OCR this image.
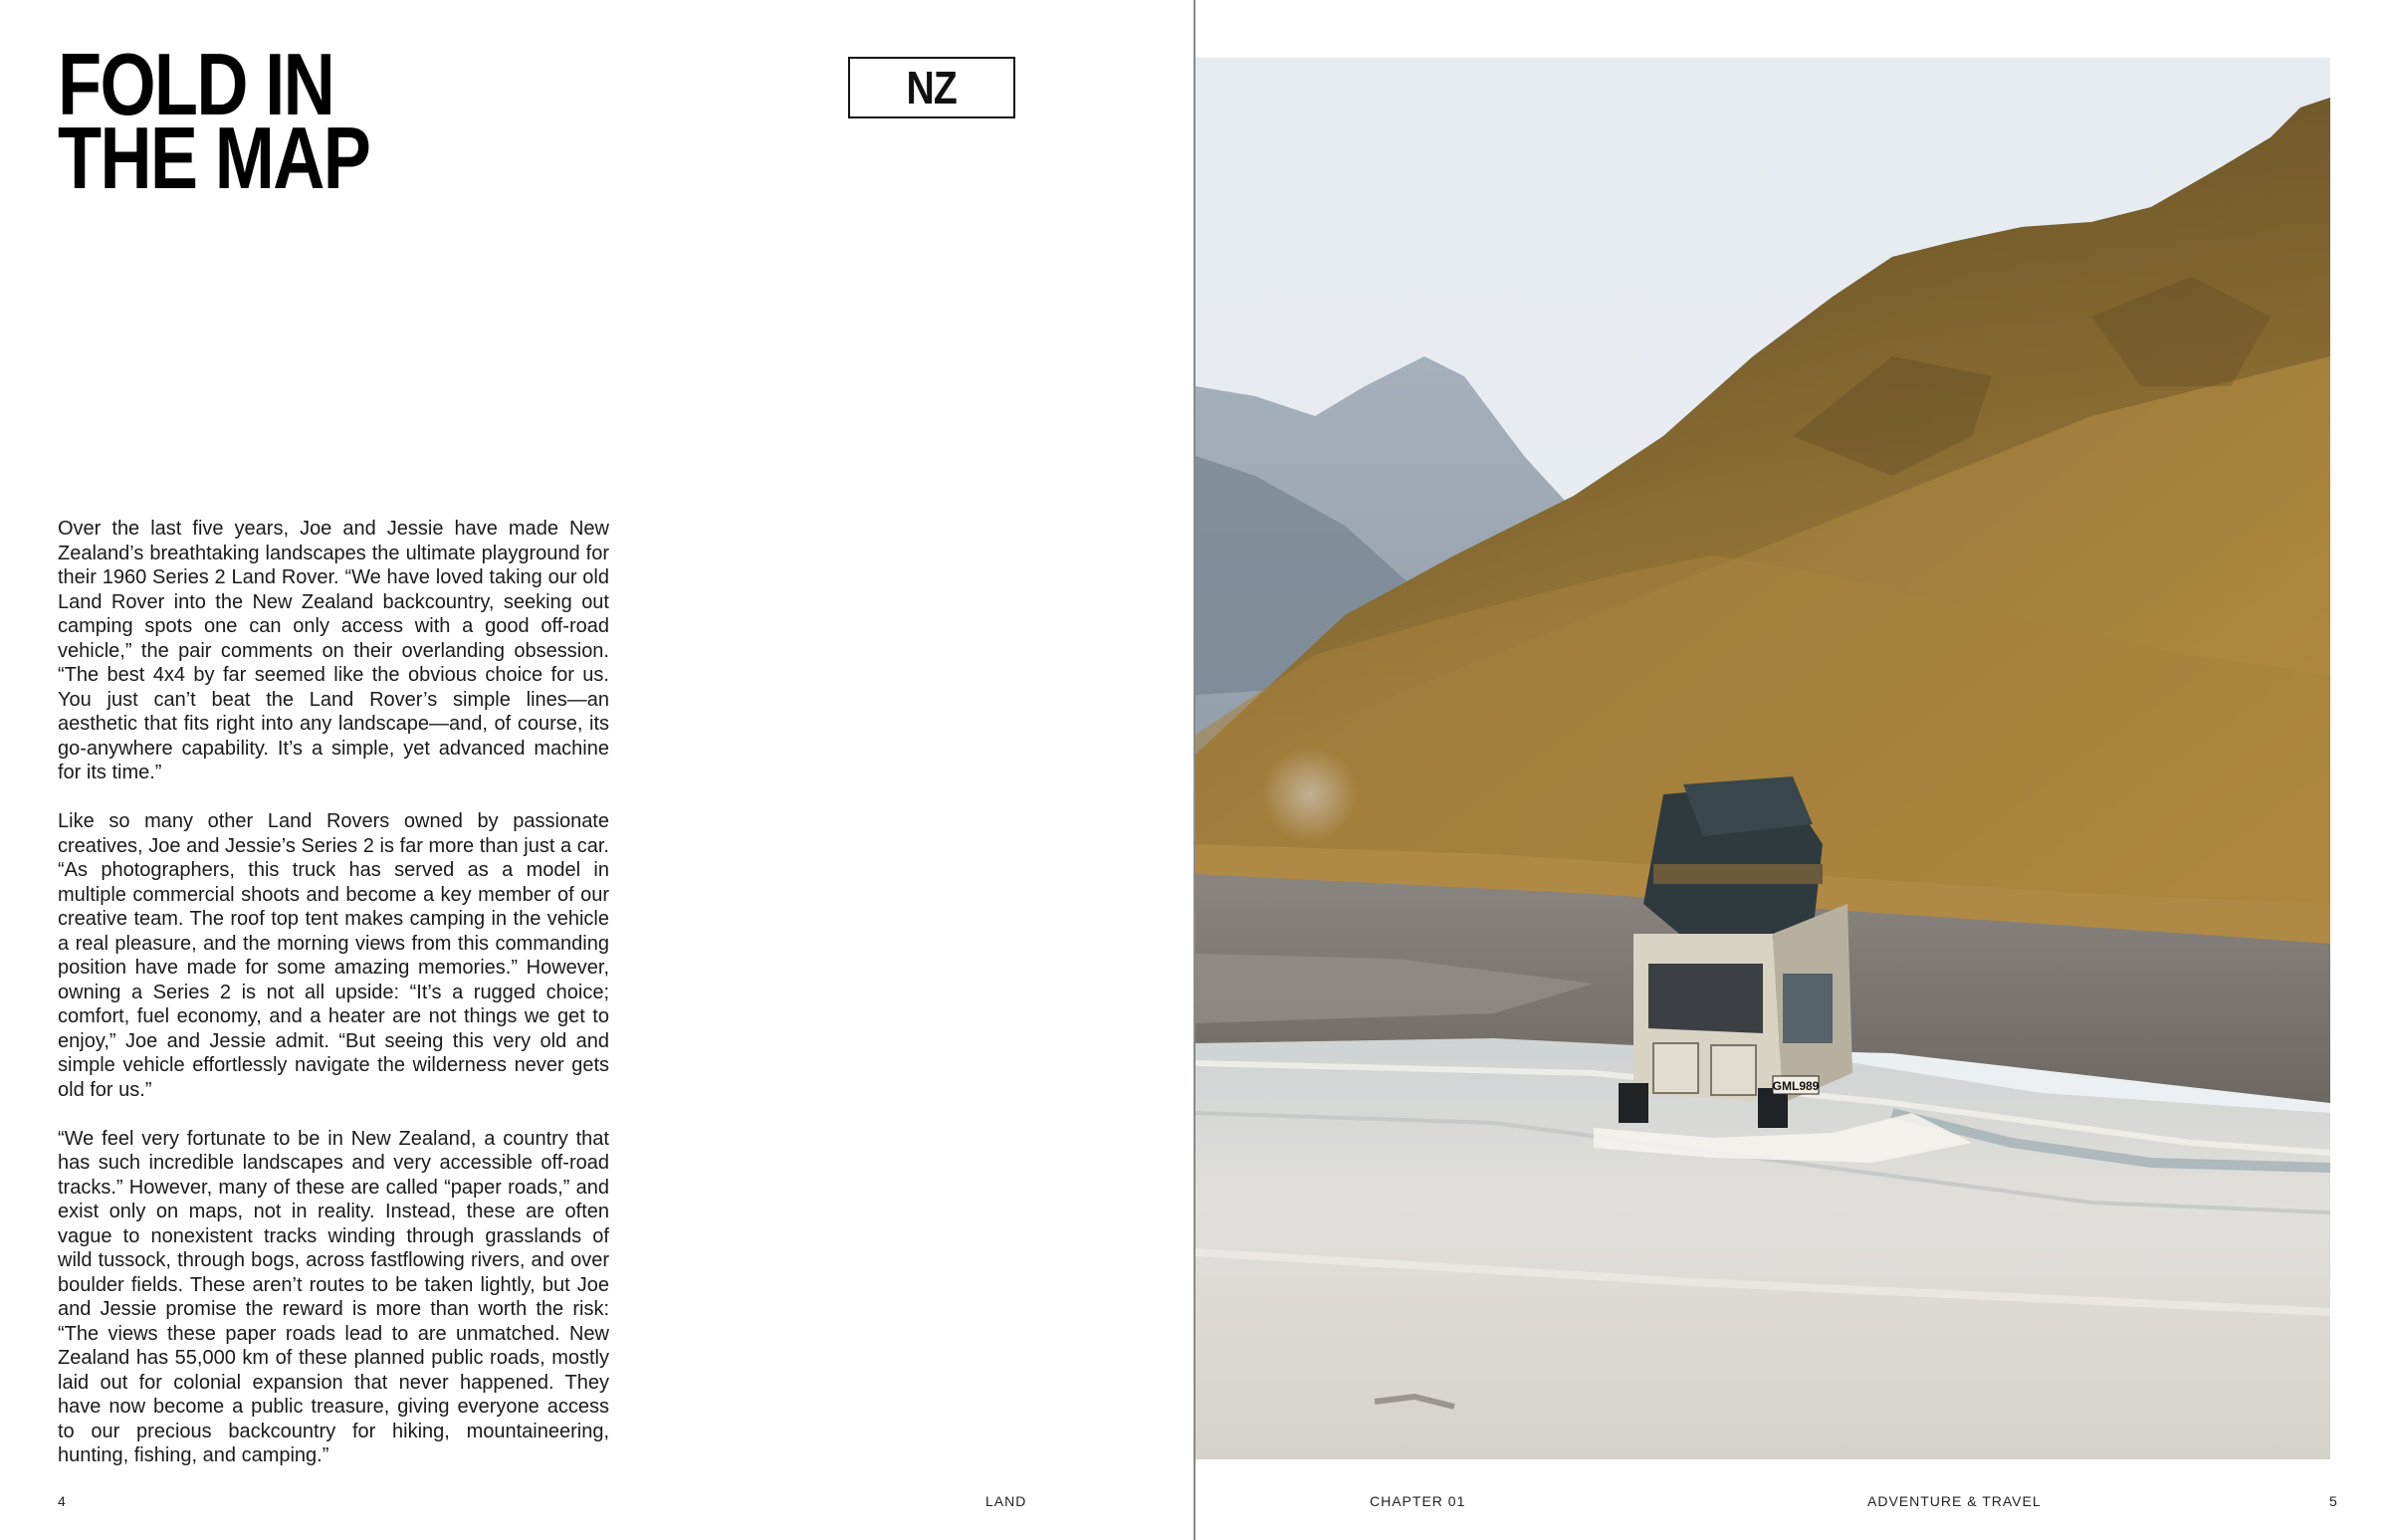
FOLD IN
THE MAP
NZ

Over the last five years, Joe and Jessie have made New Zealand’s breathtaking landscapes the ultimate playground for their 1960 Series 2 Land Rover. “We have loved taking our old Land Rover into the New Zealand backcountry, seeking out camping spots one can only access with a good off-road vehicle,” the pair comments on their overlanding obsession. “The best 4x4 by far seemed like the obvious choice for us. You just can’t beat the Land Rover’s simple lines—an aesthetic that fits right into any landscape—and, of course, its go-anywhere capability. It’s a simple, yet advanced machine for its time.”

Like so many other Land Rovers owned by passionate creatives, Joe and Jessie’s Series 2 is far more than just a car. “As photographers, this truck has served as a model in multiple commercial shoots and become a key member of our creative team. The roof top tent makes camping in the vehicle a real pleasure, and the morning views from this commanding position have made for some amazing memories.” However, owning a Series 2 is not all upside: “It’s a rugged choice; comfort, fuel economy, and a heater are not things we get to enjoy,” Joe and Jessie admit. “But seeing this very old and simple vehicle effortlessly navigate the wilderness never gets old for us.”

“We feel very fortunate to be in New Zealand, a country that has such incredible landscapes and very accessible off-road tracks.” However, many of these are called “paper roads,” and exist only on maps, not in reality. Instead, these are often vague to nonexistent tracks winding through grasslands of wild tussock, through bogs, across fastflowing rivers, and over boulder fields. These aren’t routes to be taken lightly, but Joe and Jessie promise the reward is more than worth the risk: “The views these paper roads lead to are unmatched. New Zealand has 55,000 km of these planned public roads, mostly laid out for colonial expansion that never happened. They have now become a public treasure, giving everyone access to our precious backcountry for hiking, mountaineering, hunting, fishing, and camping.”

4	LAND
GML989
CHAPTER 01	ADVENTURE & TRAVEL	5
